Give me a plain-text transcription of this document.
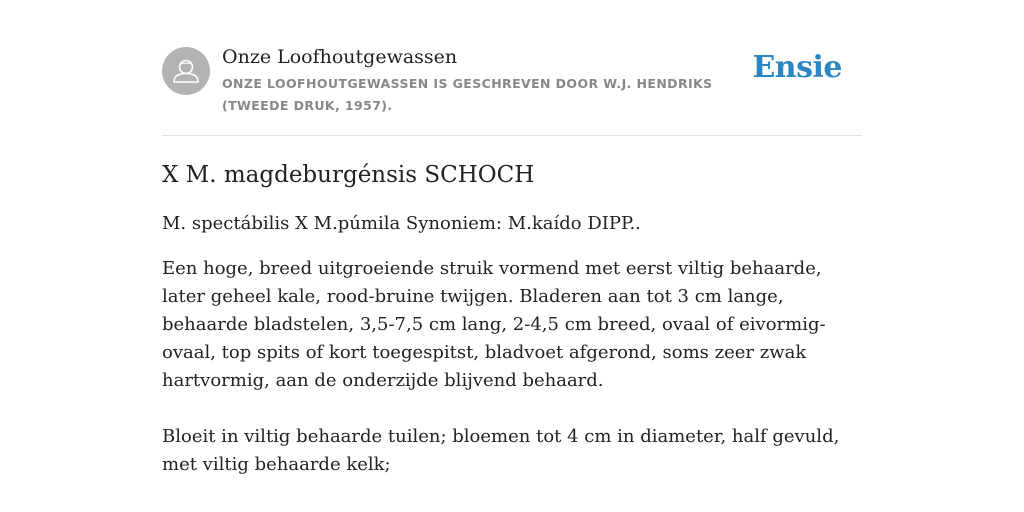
Onze Loofhoutgewassen
ONZE LOOFHOUTGEWASSEN IS GESCHREVEN DOOR W.J. HENDRIKS (TWEEDE DRUK, 1957).
Ensie
X M. magdeburgénsis SCHOCH

M. spectábilis X M.púmila Synoniem: M.kaído DIPP..

Een hoge, breed uitgroeiende struik vormend met eerst viltig behaarde, later geheel kale, rood-bruine twijgen. Bladeren aan tot 3 cm lange, behaarde bladstelen, 3,5-7,5 cm lang, 2-4,5 cm breed, ovaal of eivormig-ovaal, top spits of kort toegespitst, bladvoet afgerond, soms zeer zwak hartvormig, aan de onderzijde blijvend behaard.

Bloeit in viltig behaarde tuilen; bloemen tot 4 cm in diameter, half gevuld, met viltig behaarde kelk;
